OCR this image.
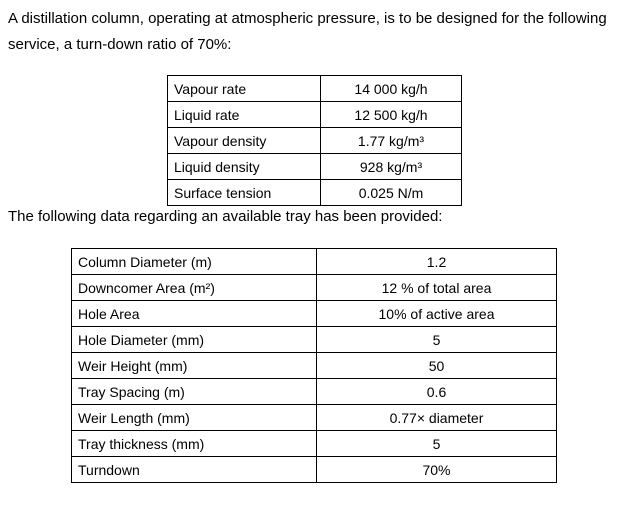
A distillation column, operating at atmospheric pressure, is to be designed for the following
service, a turn-down ratio of 70%:

Vapour rate	14 000 kg/h
Liquid rate	12 500 kg/h
Vapour density	1.77 kg/m³
Liquid density	928 kg/m³
Surface tension	0.025 N/m

The following data regarding an available tray has been provided:

Column Diameter (m)	1.2
Downcomer Area (m²)	12 % of total area
Hole Area	10% of active area
Hole Diameter (mm)	5
Weir Height (mm)	50
Tray Spacing (m)	0.6
Weir Length (mm)	0.77× diameter
Tray thickness (mm)	5
Turndown	70%
